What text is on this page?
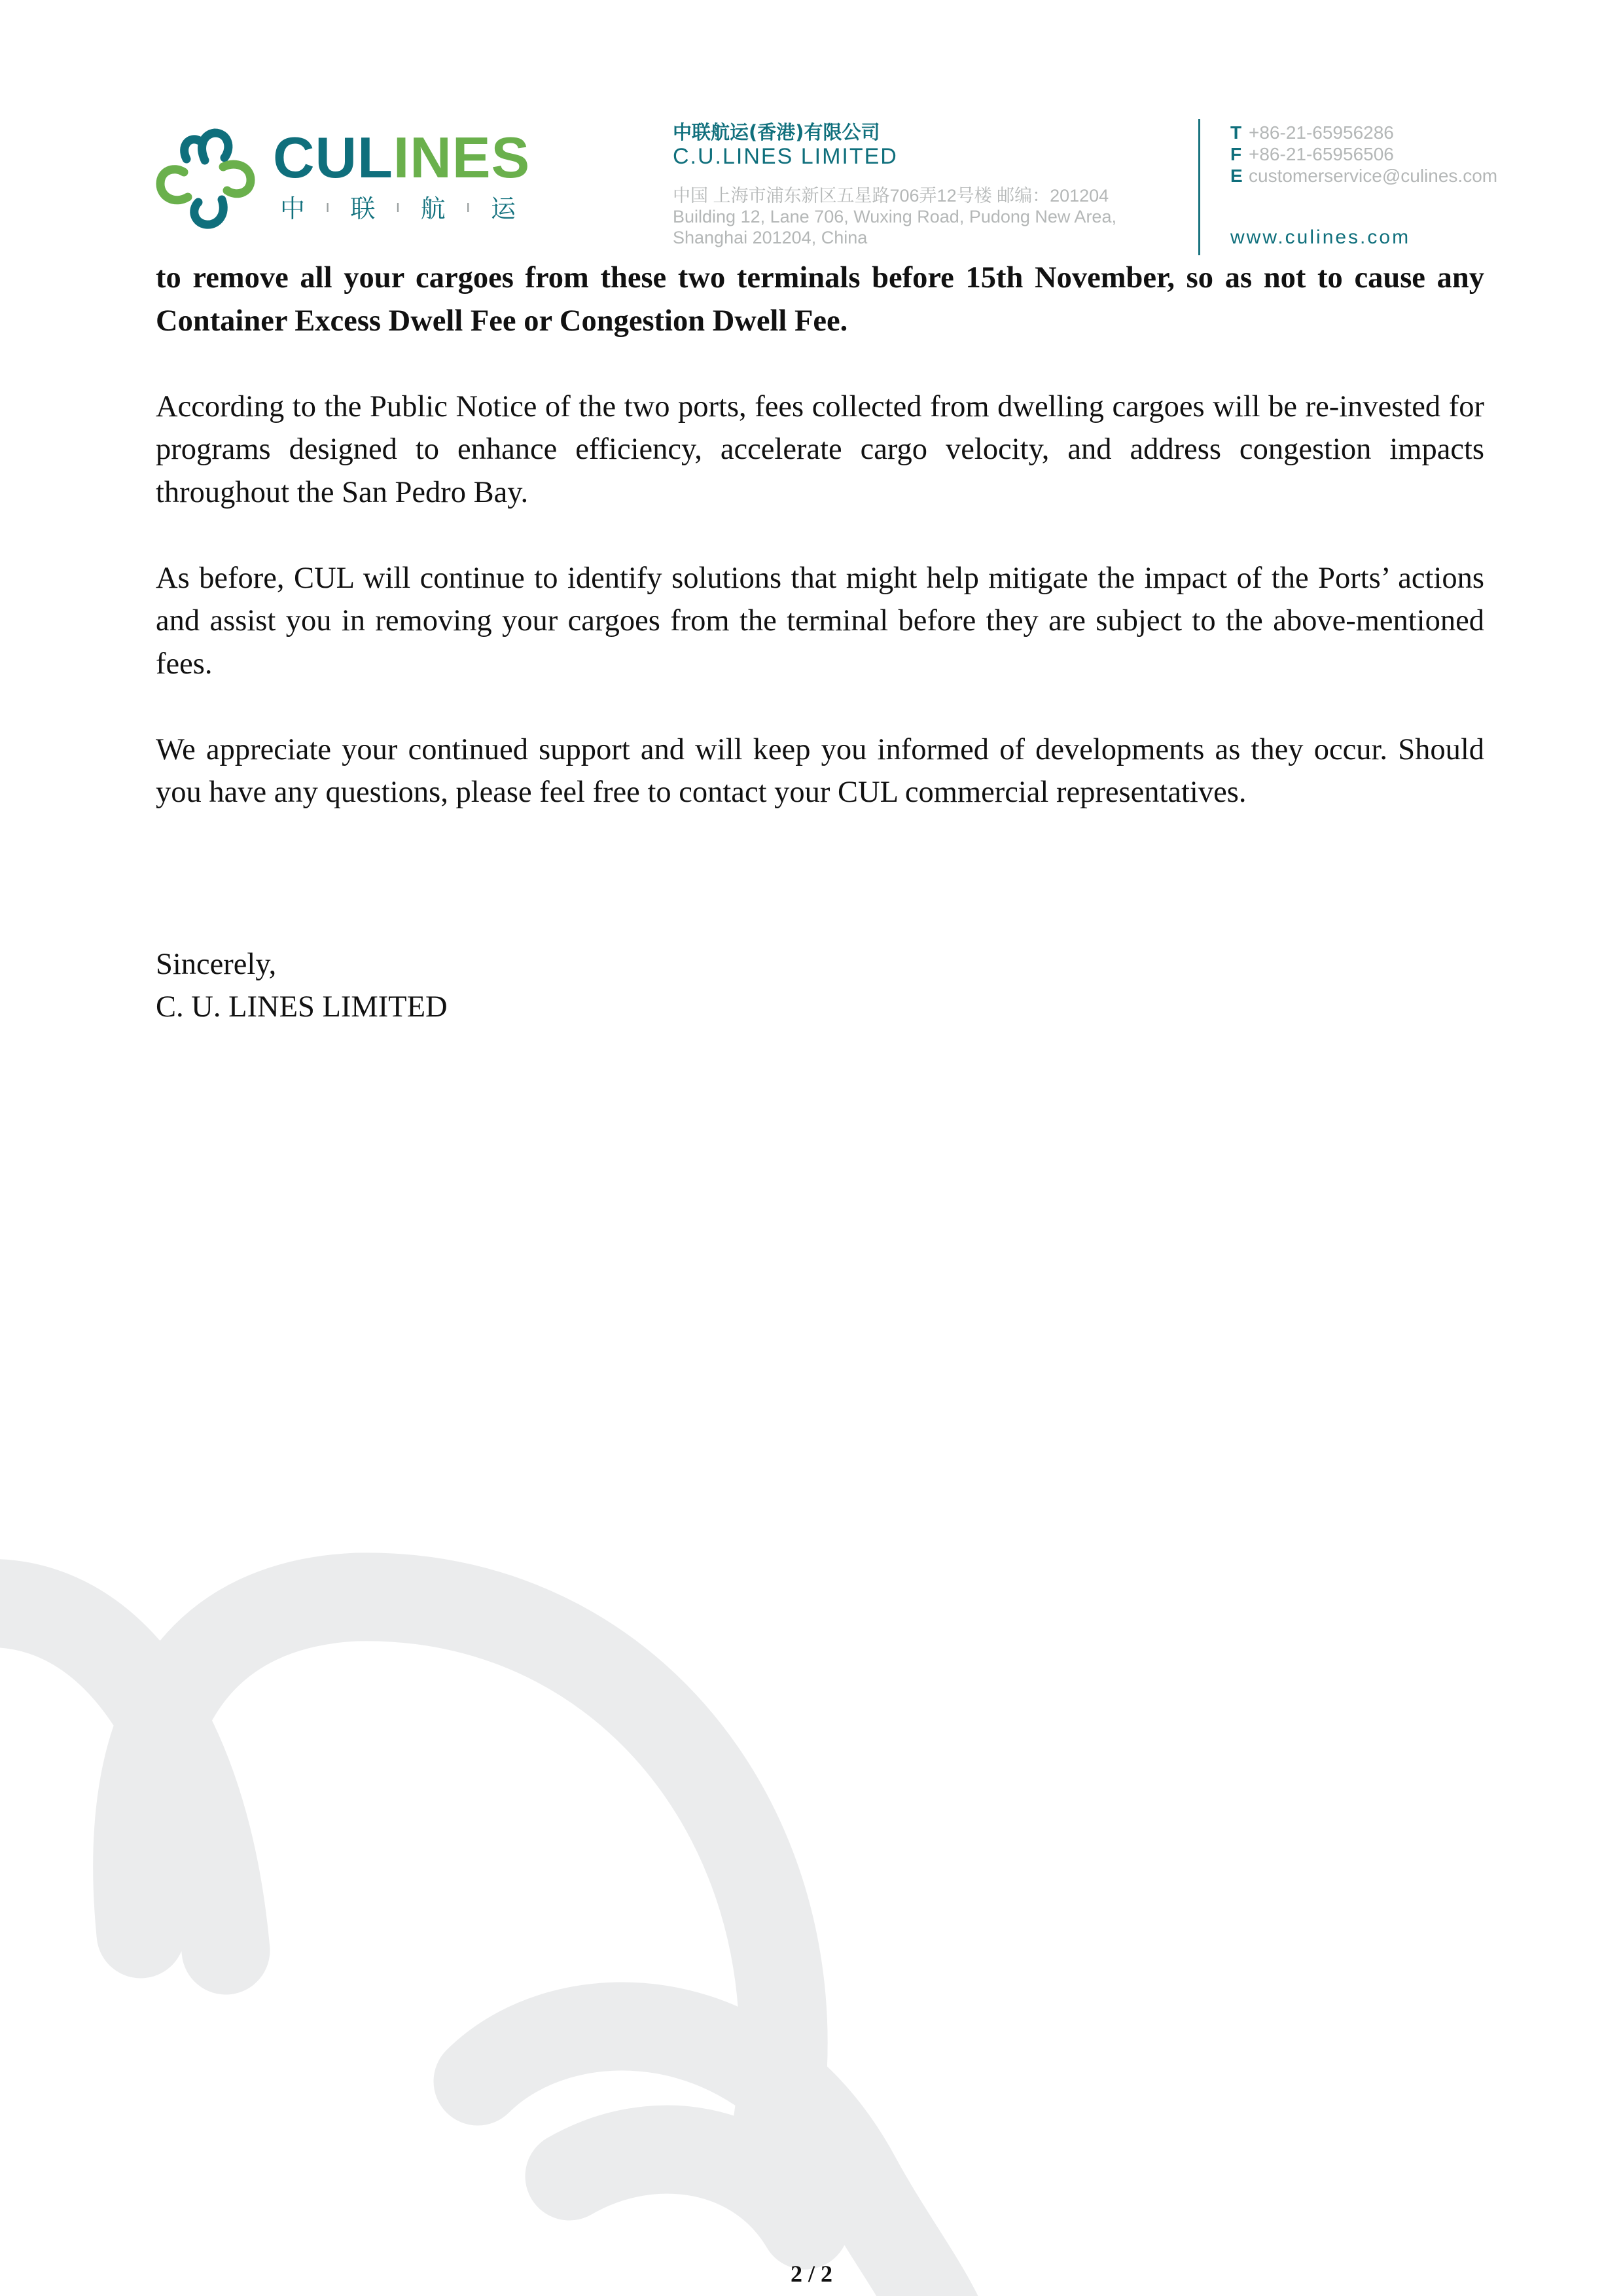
CULINES
中 ı 联 ı 航 ı 运
中联航运(香港)有限公司
C.U.LINES LIMITED
中国 上海市浦东新区五星路706弄12号楼 邮编：201204
Building 12, Lane 706, Wuxing Road, Pudong New Area,
Shanghai 201204, China
T +86-21-65956286
F +86-21-65956506
E customerservice@culines.com
www.culines.com

to remove all your cargoes from these two terminals before 15th November, so as not to cause any Container Excess Dwell Fee or Congestion Dwell Fee.

According to the Public Notice of the two ports, fees collected from dwelling cargoes will be re-invested for programs designed to enhance efficiency, accelerate cargo velocity, and address congestion impacts throughout the San Pedro Bay.

As before, CUL will continue to identify solutions that might help mitigate the impact of the Ports’ actions and assist you in removing your cargoes from the terminal before they are subject to the above-mentioned fees.

We appreciate your continued support and will keep you informed of developments as they occur. Should you have any questions, please feel free to contact your CUL commercial representatives.

Sincerely,
C. U. LINES LIMITED
2 / 2
